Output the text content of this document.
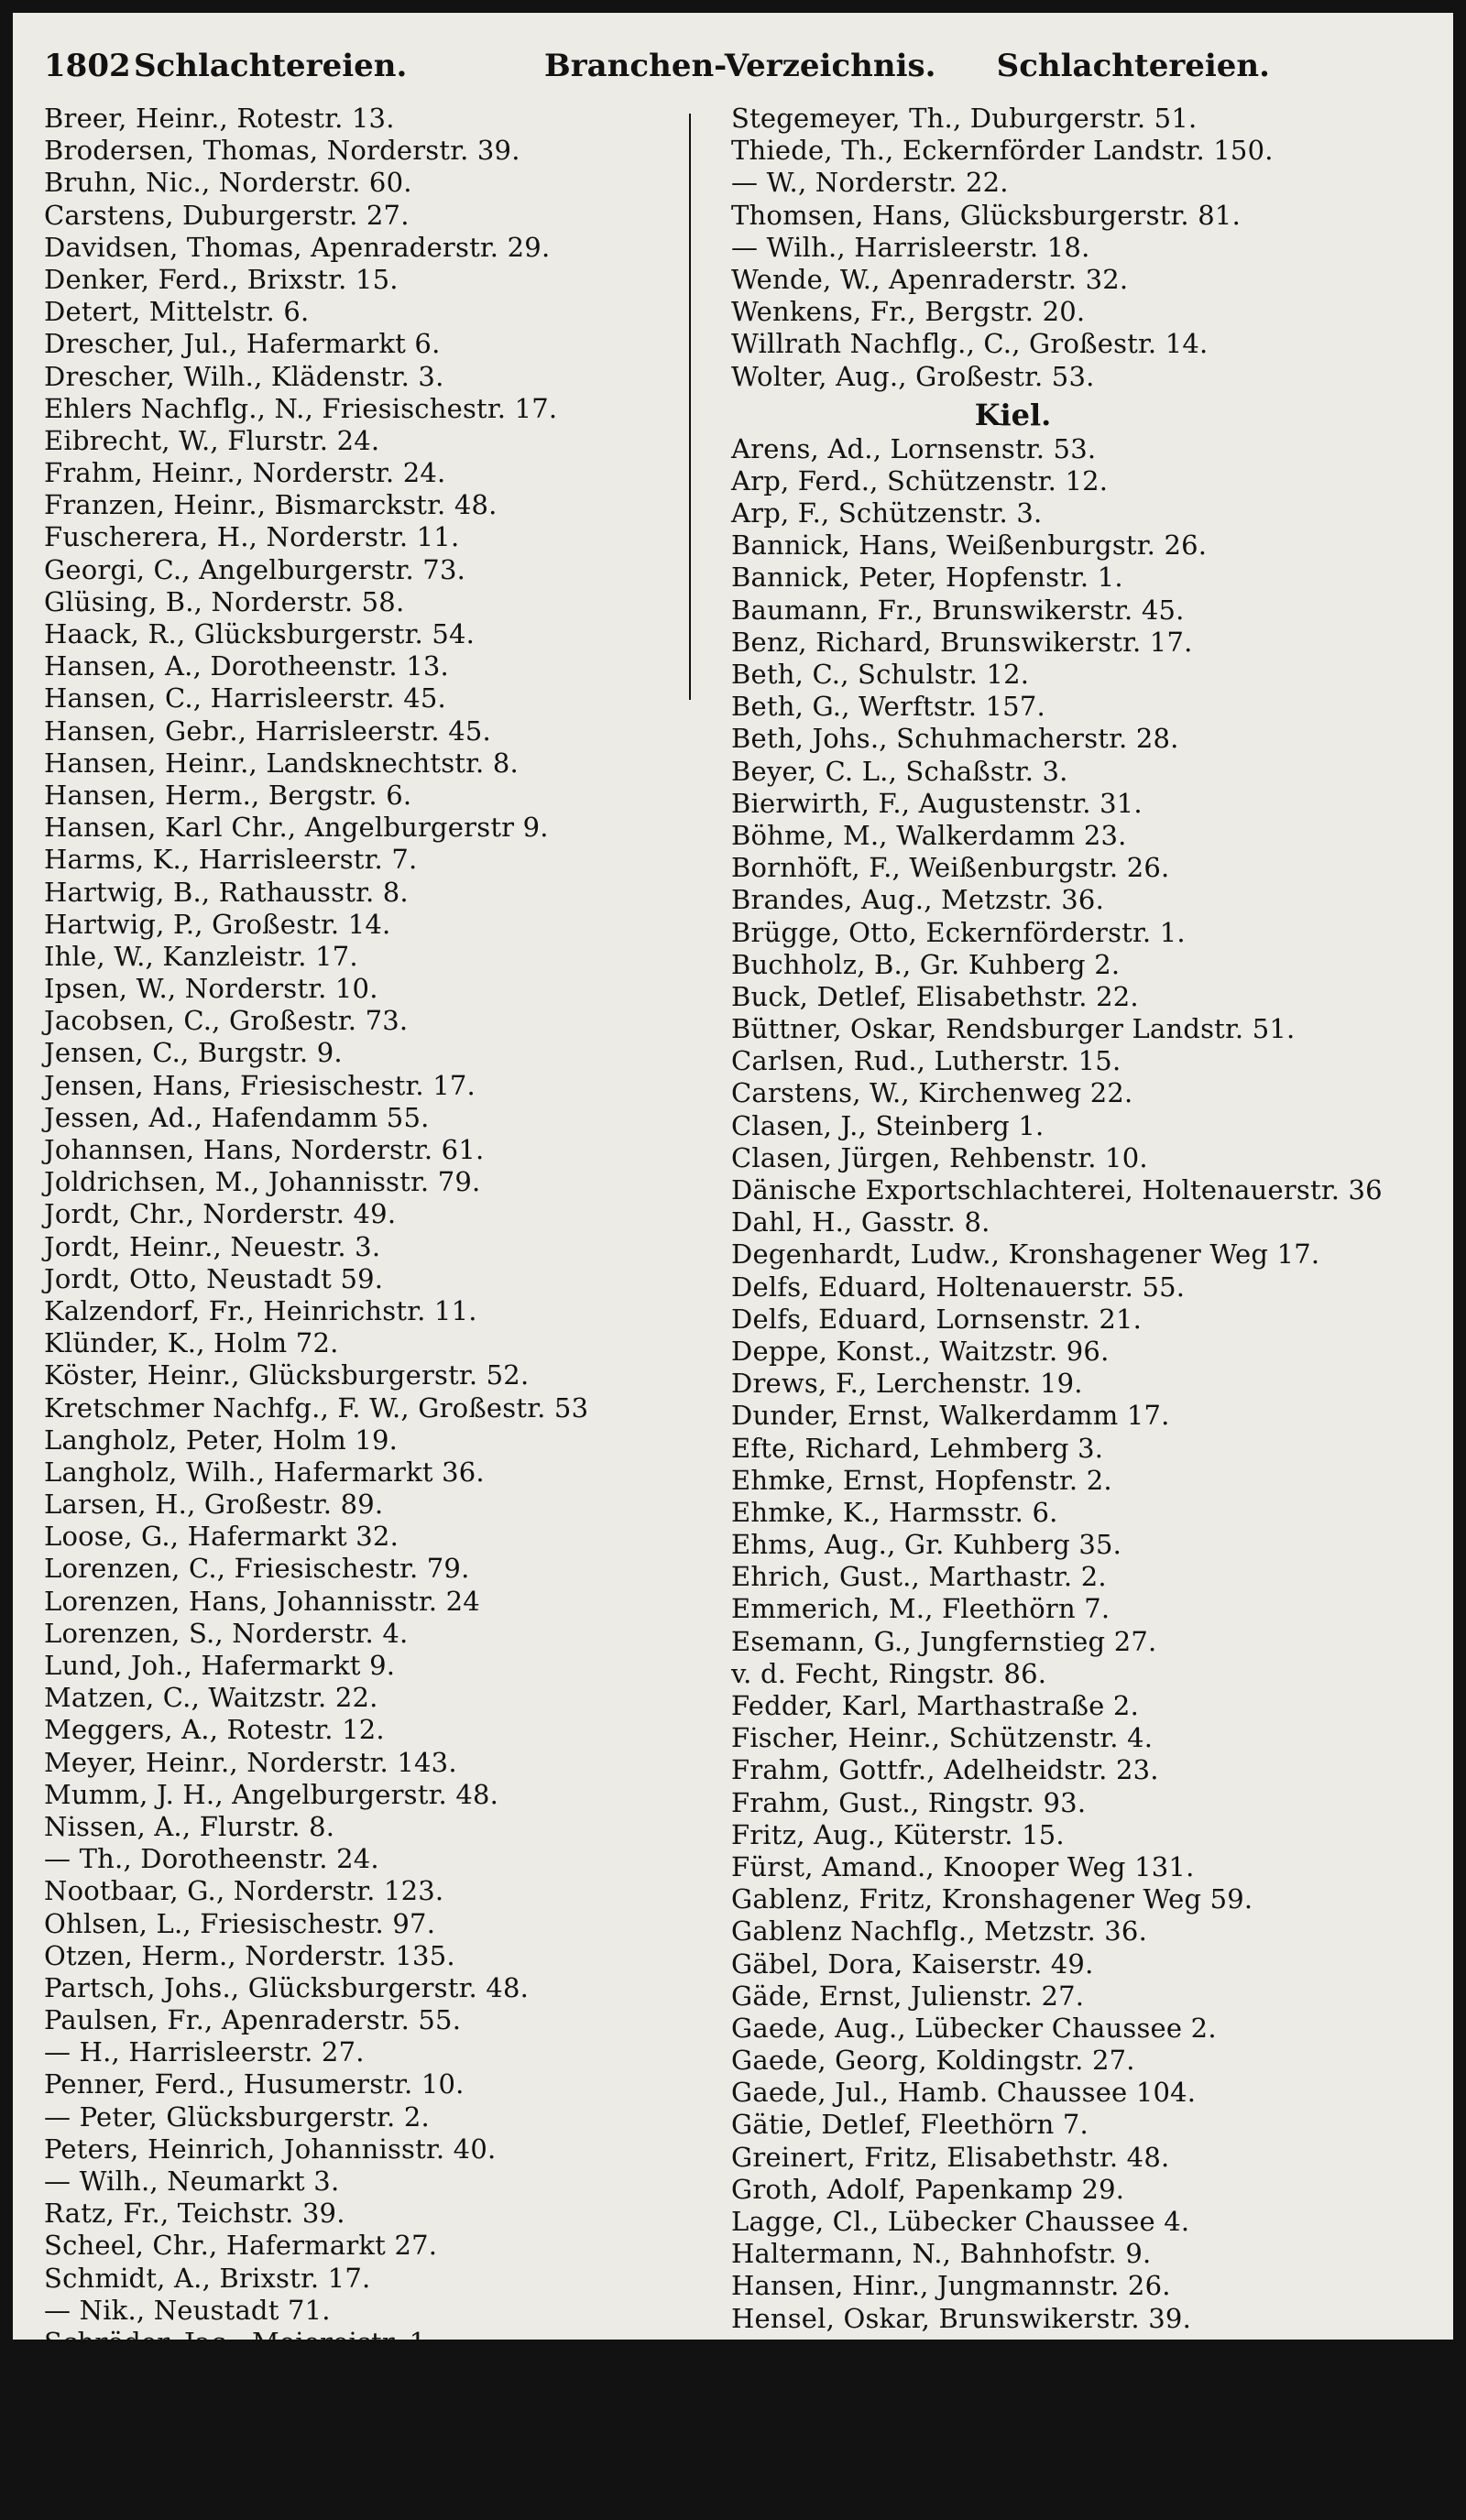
1802 Schlachtereien.	Branchen-Verzeichnis. Schlachtereien.

Breer, Heinr., Rotestr. 13.
Brodersen, Thomas, Norderstr. 39.
Bruhn, Nic., Norderstr. 60.
Carstens, Duburgerstr. 27.
Davidsen, Thomas, Apenraderstr. 29.
Denker, Ferd., Brixstr. 15.
Detert, Mittelstr. 6.
Drescher, Jul., Hafermarkt 6.
Drescher, Wilh., Klädenstr. 3.
Ehlers Nachflg., N., Friesischestr. 17.
Eibrecht, W., Flurstr. 24.
Frahm, Heinr., Norderstr. 24.
Franzen, Heinr., Bismarckstr. 48.
Fuscherera, H., Norderstr. 11.
Georgi, C., Angelburgerstr. 73.
Glüsing, B., Norderstr. 58.
Haack, R., Glücksburgerstr. 54.
Hansen, A., Dorotheenstr. 13.
Hansen, C., Harrisleerstr. 45.
Hansen, Gebr., Harrisleerstr. 45.
Hansen, Heinr., Landsknechtstr. 8.
Hansen, Herm., Bergstr. 6.
Hansen, Karl Chr., Angelburgerstr 9.
Harms, K., Harrisleerstr. 7.
Hartwig, B., Rathausstr. 8.
Hartwig, P., Großestr. 14.
Ihle, W., Kanzleistr. 17.
Ipsen, W., Norderstr. 10.
Jacobsen, C., Großestr. 73.
Jensen, C., Burgstr. 9.
Jensen, Hans, Friesischestr. 17.
Jessen, Ad., Hafendamm 55.
Johannsen, Hans, Norderstr. 61.
Joldrichsen, M., Johannisstr. 79.
Jordt, Chr., Norderstr. 49.
Jordt, Heinr., Neuestr. 3.
Jordt, Otto, Neustadt 59.
Kalzendorf, Fr., Heinrichstr. 11.
Klünder, K., Holm 72.
Köster, Heinr., Glücksburgerstr. 52.
Kretschmer Nachfg., F. W., Großestr. 53
Langholz, Peter, Holm 19.
Langholz, Wilh., Hafermarkt 36.
Larsen, H., Großestr. 89.
Loose, G., Hafermarkt 32.
Lorenzen, C., Friesischestr. 79.
Lorenzen, Hans, Johannisstr. 24
Lorenzen, S., Norderstr. 4.
Lund, Joh., Hafermarkt 9.
Matzen, C., Waitzstr. 22.
Meggers, A., Rotestr. 12.
Meyer, Heinr., Norderstr. 143.
Mumm, J. H., Angelburgerstr. 48.
Nissen, A., Flurstr. 8.
— Th., Dorotheenstr. 24.
Nootbaar, G., Norderstr. 123.
Ohlsen, L., Friesischestr. 97.
Otzen, Herm., Norderstr. 135.
Partsch, Johs., Glücksburgerstr. 48.
Paulsen, Fr., Apenraderstr. 55.
— H., Harrisleerstr. 27.
Penner, Ferd., Husumerstr. 10.
— Peter, Glücksburgerstr. 2.
Peters, Heinrich, Johannisstr. 40.
— Wilh., Neumarkt 3.
Ratz, Fr., Teichstr. 39.
Scheel, Chr., Hafermarkt 27.
Schmidt, A., Brixstr. 17.
— Nik., Neustadt 71.
Schröder, Jac., Meiereistr. 1.
Schween, A., Querstr. 8.
Seigarz, A., Apenraderstr. 39.
Siemen, H., Junkerholweg 40.
Sönnichsen, Chr., Friesischestr 29.
Sörensen, Chr., Duburgerstr. 37.
Stegemeyer, Th., Duburgerstr. 51.
Thiede, Th., Eckernförder Landstr. 150.
— W., Norderstr. 22.
Thomsen, Hans, Glücksburgerstr. 81.
— Wilh., Harrisleerstr. 18.
Wende, W., Apenraderstr. 32.
Wenkens, Fr., Bergstr. 20.
Willrath Nachflg., C., Großestr. 14.
Wolter, Aug., Großestr. 53.
Kiel.
Arens, Ad., Lornsenstr. 53.
Arp, Ferd., Schützenstr. 12.
Arp, F., Schützenstr. 3.
Bannick, Hans, Weißenburgstr. 26.
Bannick, Peter, Hopfenstr. 1.
Baumann, Fr., Brunswikerstr. 45.
Benz, Richard, Brunswikerstr. 17.
Beth, C., Schulstr. 12.
Beth, G., Werftstr. 157.
Beth, Johs., Schuhmacherstr. 28.
Beyer, C. L., Schaßstr. 3.
Bierwirth, F., Augustenstr. 31.
Böhme, M., Walkerdamm 23.
Bornhöft, F., Weißenburgstr. 26.
Brandes, Aug., Metzstr. 36.
Brügge, Otto, Eckernförderstr. 1.
Buchholz, B., Gr. Kuhberg 2.
Buck, Detlef, Elisabethstr. 22.
Büttner, Oskar, Rendsburger Landstr. 51.
Carlsen, Rud., Lutherstr. 15.
Carstens, W., Kirchenweg 22.
Clasen, J., Steinberg 1.
Clasen, Jürgen, Rehbenstr. 10.
Dänische Exportschlachterei, Holtenauerstr. 36
Dahl, H., Gasstr. 8.
Degenhardt, Ludw., Kronshagener Weg 17.
Delfs, Eduard, Holtenauerstr. 55.
Delfs, Eduard, Lornsenstr. 21.
Deppe, Konst., Waitzstr. 96.
Drews, F., Lerchenstr. 19.
Dunder, Ernst, Walkerdamm 17.
Efte, Richard, Lehmberg 3.
Ehmke, Ernst, Hopfenstr. 2.
Ehmke, K., Harmsstr. 6.
Ehms, Aug., Gr. Kuhberg 35.
Ehrich, Gust., Marthastr. 2.
Emmerich, M., Fleethörn 7.
Esemann, G., Jungfernstieg 27.
v. d. Fecht, Ringstr. 86.
Fedder, Karl, Marthastraße 2.
Fischer, Heinr., Schützenstr. 4.
Frahm, Gottfr., Adelheidstr. 23.
Frahm, Gust., Ringstr. 93.
Fritz, Aug., Küterstr. 15.
Fürst, Amand., Knooper Weg 131.
Gablenz, Fritz, Kronshagener Weg 59.
Gablenz Nachflg., Metzstr. 36.
Gäbel, Dora, Kaiserstr. 49.
Gäde, Ernst, Julienstr. 27.
Gaede, Aug., Lübecker Chaussee 2.
Gaede, Georg, Koldingstr. 27.
Gaede, Jul., Hamb. Chaussee 104.
Gätie, Detlef, Fleethörn 7.
Greinert, Fritz, Elisabethstr. 48.
Groth, Adolf, Papenkamp 29.
Lagge, Cl., Lübecker Chaussee 4.
Haltermann, N., Bahnhofstr. 9.
Hansen, Hinr., Jungmannstr. 26.
Hensel, Oskar, Brunswikerstr. 39.
Hingst, Aug., Fockstr. 2.
Hoffmann, Guido, Hasseldieksdammer Weg 1
Hollenbach, J., Holtenauerstr. 176.
Holvert, K., Hamb. Chaussee 84.
Holtkamp, Heinr., Schauenburgerstr. 159.
